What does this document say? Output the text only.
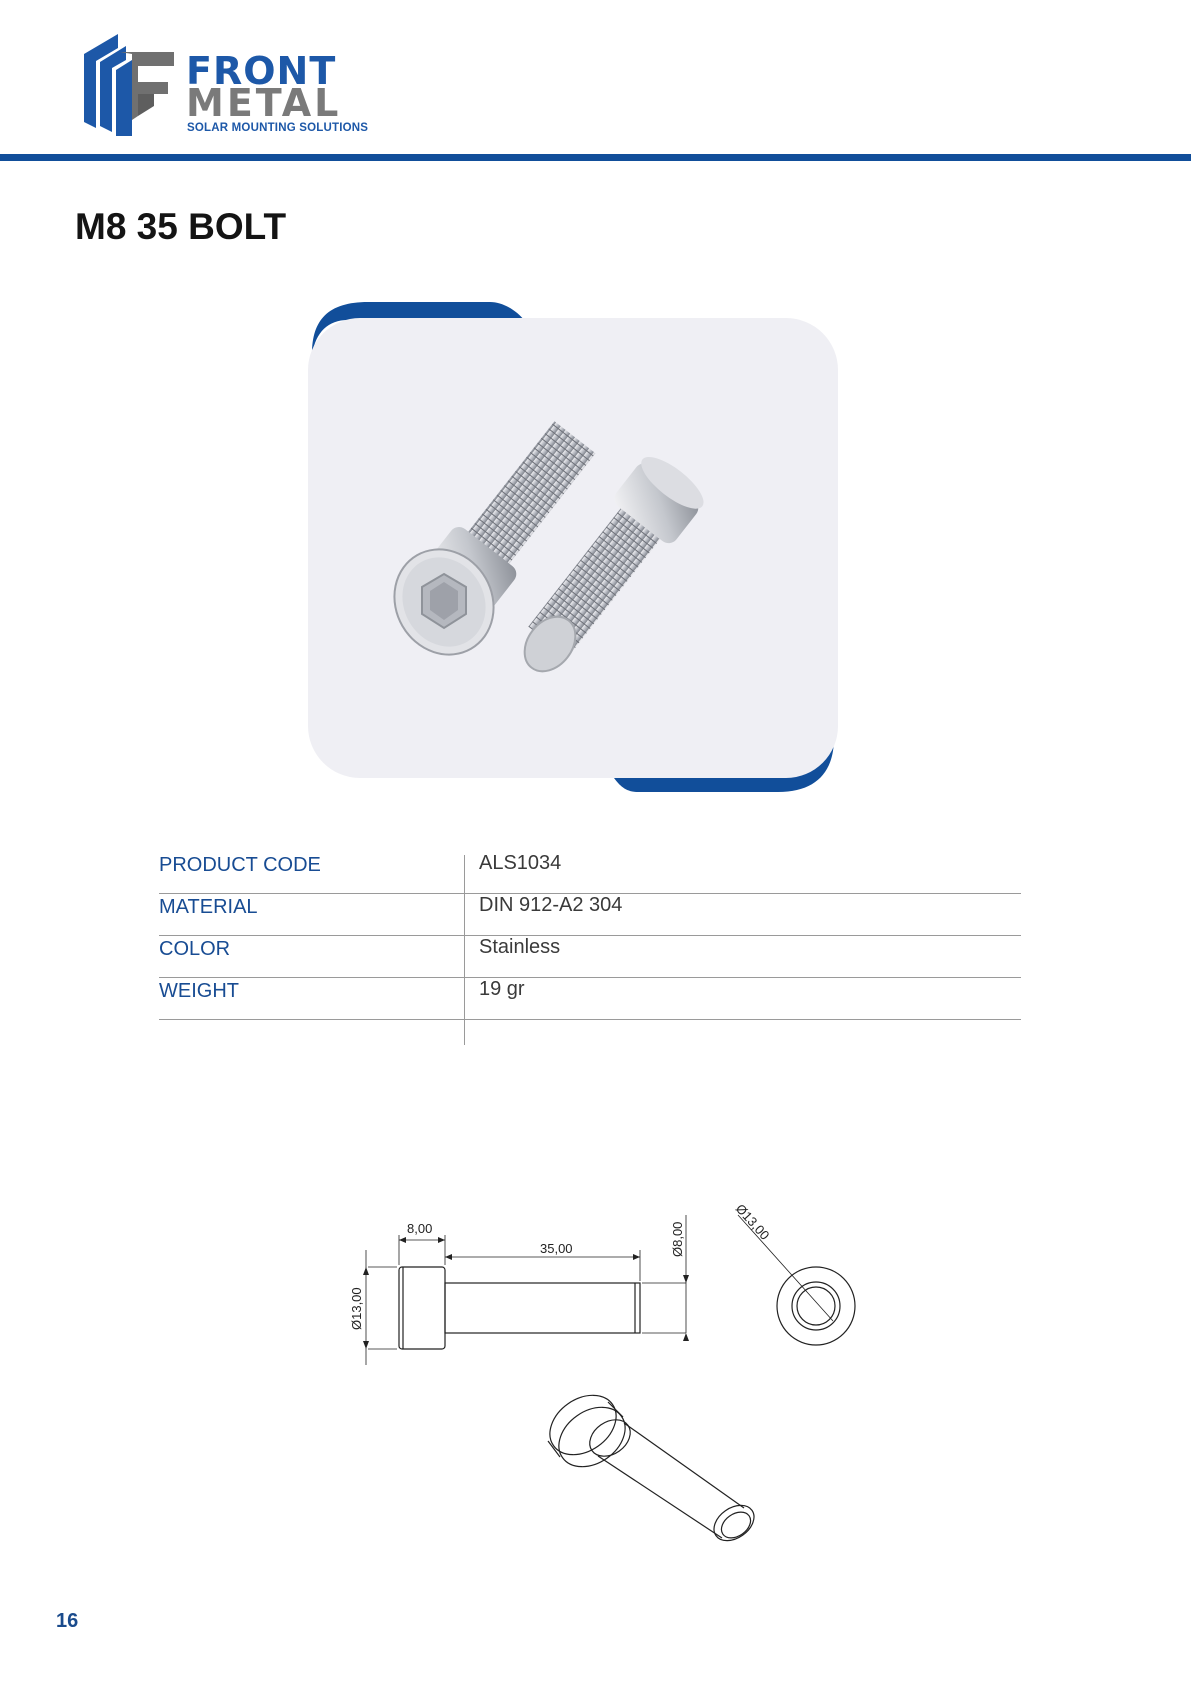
FRONT
METAL
SOLAR MOUNTING SOLUTIONS
M8 35 BOLT
PRODUCT CODE	ALS1034
MATERIAL	DIN 912-A2 304
COLOR	Stainless
WEIGHT	19 gr
8,00
35,00
Ø13,00
Ø8,00	Ø13,00
16
